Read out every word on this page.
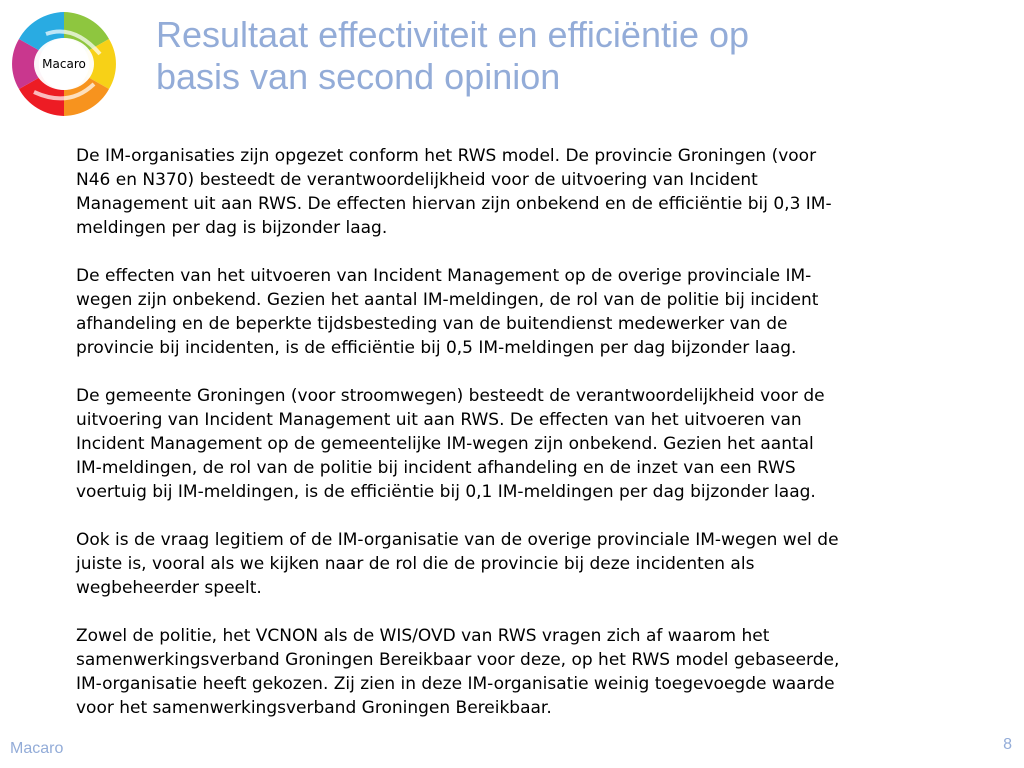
Macaro
Resultaat effectiviteit en efficiëntie op
basis van second opinion

De IM-organisaties zijn opgezet conform het RWS model. De provincie Groningen (voor
N46 en N370) besteedt de verantwoordelijkheid voor de uitvoering van Incident
Management uit aan RWS. De effecten hiervan zijn onbekend en de efficiëntie bij 0,3 IM-
meldingen per dag is bijzonder laag.

De effecten van het uitvoeren van Incident Management op de overige provinciale IM-
wegen zijn onbekend. Gezien het aantal IM-meldingen, de rol van de politie bij incident
afhandeling en de beperkte tijdsbesteding van de buitendienst medewerker van de
provincie bij incidenten, is de efficiëntie bij 0,5 IM-meldingen per dag bijzonder laag.

De gemeente Groningen (voor stroomwegen) besteedt de verantwoordelijkheid voor de
uitvoering van Incident Management uit aan RWS. De effecten van het uitvoeren van
Incident Management op de gemeentelijke IM-wegen zijn onbekend. Gezien het aantal
IM-meldingen, de rol van de politie bij incident afhandeling en de inzet van een RWS
voertuig bij IM-meldingen, is de efficiëntie bij 0,1 IM-meldingen per dag bijzonder laag.

Ook is de vraag legitiem of de IM-organisatie van de overige provinciale IM-wegen wel de
juiste is, vooral als we kijken naar de rol die de provincie bij deze incidenten als
wegbeheerder speelt.

Zowel de politie, het VCNON als de WIS/OVD van RWS vragen zich af waarom het
samenwerkingsverband Groningen Bereikbaar voor deze, op het RWS model gebaseerde,
IM-organisatie heeft gekozen. Zij zien in deze IM-organisatie weinig toegevoegde waarde
voor het samenwerkingsverband Groningen Bereikbaar.

Macaro	8
